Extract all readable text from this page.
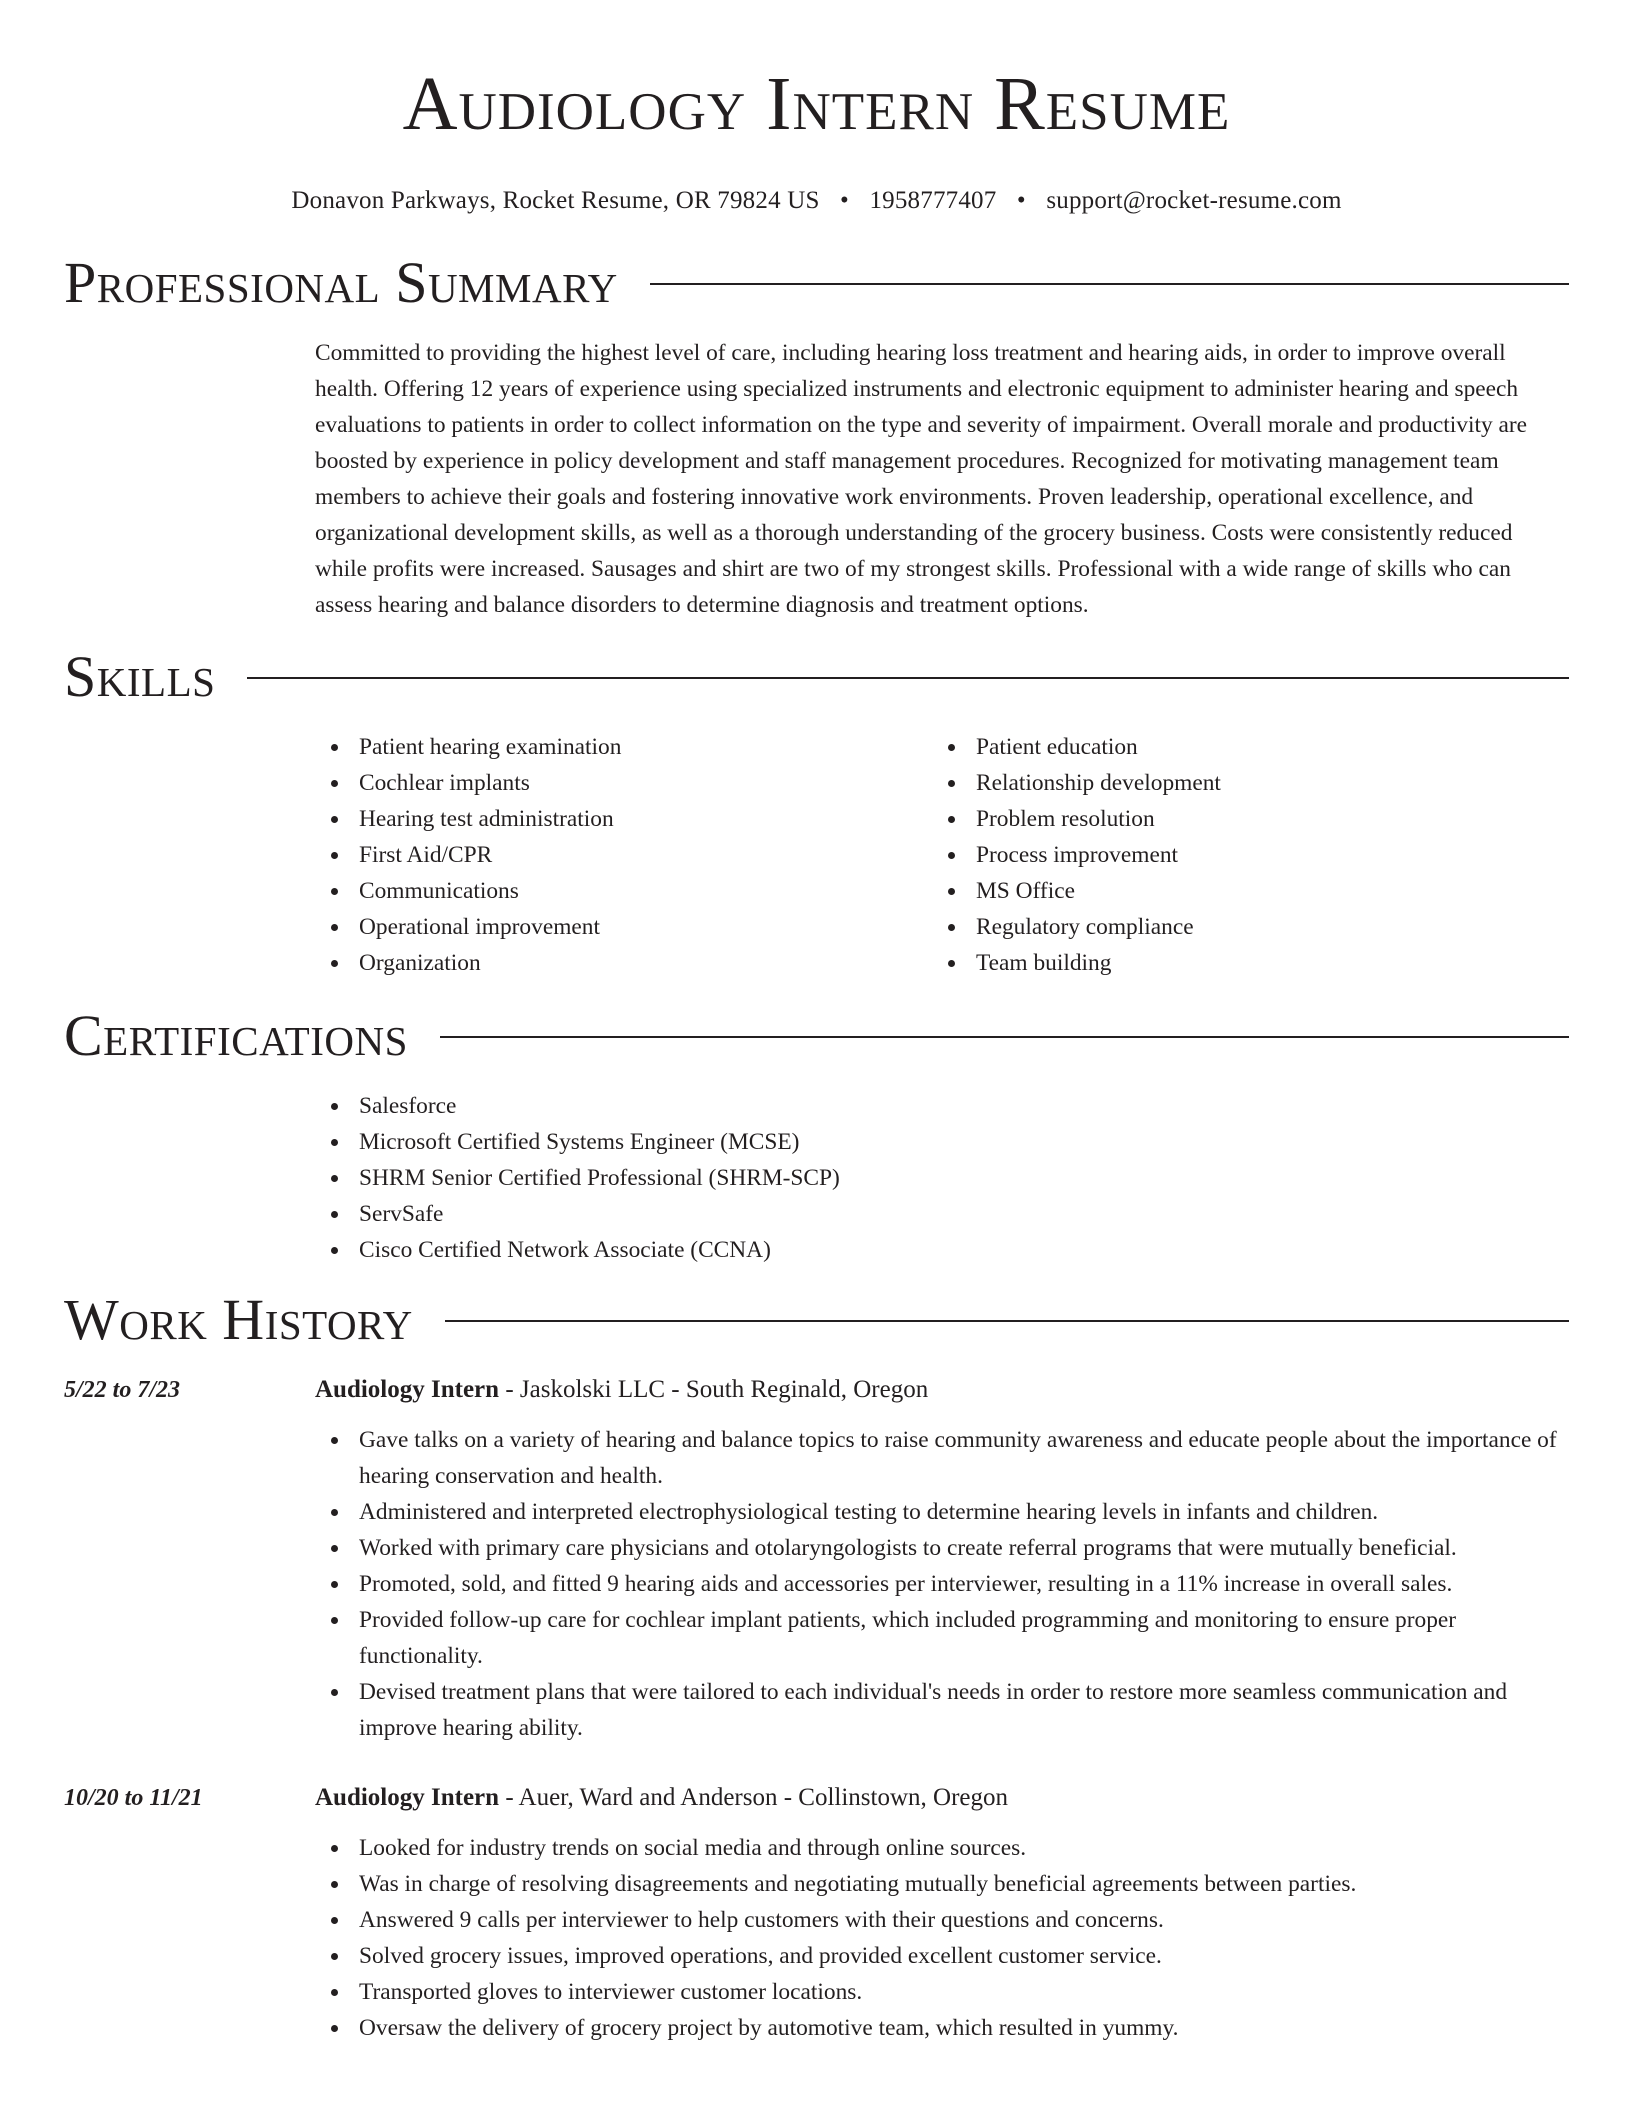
Audiology Intern Resume
Donavon Parkways, Rocket Resume, OR 79824 US • 1958777407 • support@rocket-resume.com
Professional Summary

Committed to providing the highest level of care, including hearing loss treatment and hearing aids, in order to improve overall health. Offering 12 years of experience using specialized instruments and electronic equipment to administer hearing and speech evaluations to patients in order to collect information on the type and severity of impairment. Overall morale and productivity are boosted by experience in policy development and staff management procedures. Recognized for motivating management team members to achieve their goals and fostering innovative work environments. Proven leadership, operational excellence, and organizational development skills, as well as a thorough understanding of the grocery business. Costs were consistently reduced while profits were increased. Sausages and shirt are two of my strongest skills. Professional with a wide range of skills who can assess hearing and balance disorders to determine diagnosis and treatment options.

Skills
Patient hearing examination
Cochlear implants
Hearing test administration
First Aid/CPR
Communications
Operational improvement
Organization
Patient education
Relationship development
Problem resolution
Process improvement
MS Office
Regulatory compliance
Team building
Certifications
Salesforce
Microsoft Certified Systems Engineer (MCSE)
SHRM Senior Certified Professional (SHRM-SCP)
ServSafe
Cisco Certified Network Associate (CCNA)
Work History
5/22 to 7/23	Audiology Intern - Jaskolski LLC - South Reginald, Oregon
Gave talks on a variety of hearing and balance topics to raise community awareness and educate people about the importance of hearing conservation and health.
Administered and interpreted electrophysiological testing to determine hearing levels in infants and children.
Worked with primary care physicians and otolaryngologists to create referral programs that were mutually beneficial.
Promoted, sold, and fitted 9 hearing aids and accessories per interviewer, resulting in a 11% increase in overall sales.
Provided follow-up care for cochlear implant patients, which included programming and monitoring to ensure proper functionality.
Devised treatment plans that were tailored to each individual's needs in order to restore more seamless communication and improve hearing ability.
10/20 to 11/21	Audiology Intern - Auer, Ward and Anderson - Collinstown, Oregon
Looked for industry trends on social media and through online sources.
Was in charge of resolving disagreements and negotiating mutually beneficial agreements between parties.
Answered 9 calls per interviewer to help customers with their questions and concerns.
Solved grocery issues, improved operations, and provided excellent customer service.
Transported gloves to interviewer customer locations.
Oversaw the delivery of grocery project by automotive team, which resulted in yummy.
